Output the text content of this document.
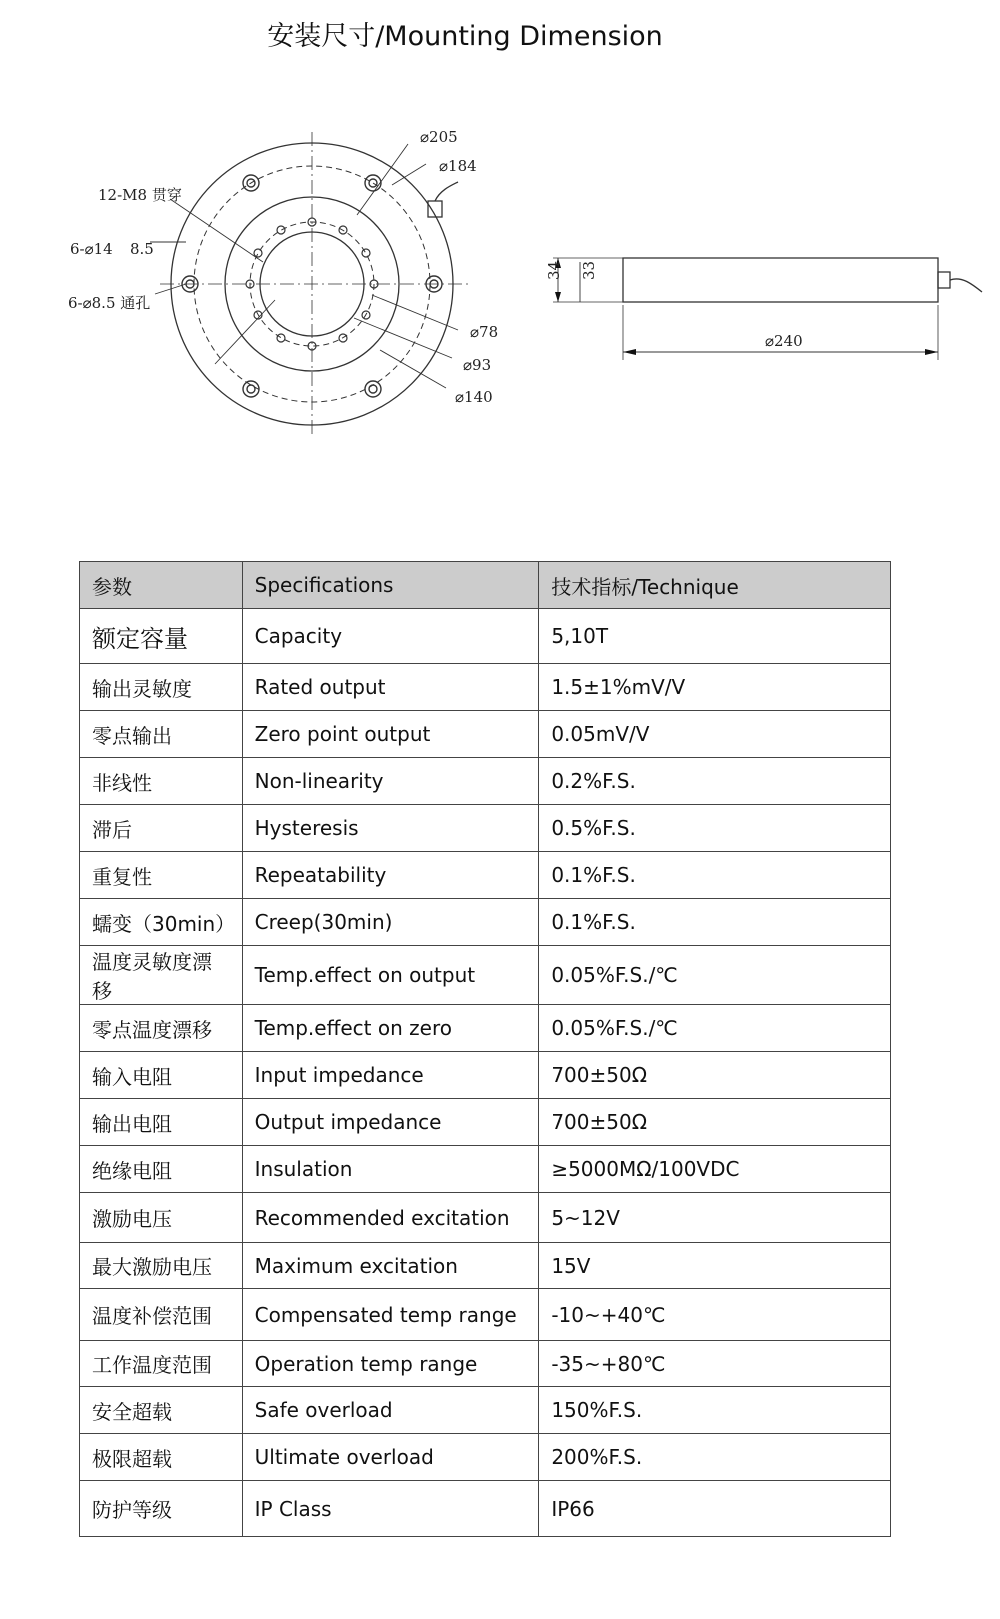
安装尺寸/Mounting Dimension
12-M8 贯穿
6-⌀14 8.5
6-⌀8.5 通孔
⌀205
⌀184
⌀78
⌀93
⌀140
34 33
⌀240
参数	Specifications	技术指标/Technique
额定容量	Capacity	5,10T
输出灵敏度	Rated output	1.5±1%mV/V
零点输出	Zero point output	0.05mV/V
非线性	Non-linearity	0.2%F.S.
滞后	Hysteresis	0.5%F.S.
重复性	Repeatability	0.1%F.S.
蠕变（30min）	Creep(30min)	0.1%F.S.
温度灵敏度漂移	Temp.effect on output	0.05%F.S./℃
零点温度漂移	Temp.effect on zero	0.05%F.S./℃
输入电阻	Input impedance	700±50Ω
输出电阻	Output impedance	700±50Ω
绝缘电阻	Insulation	≥5000MΩ/100VDC
激励电压	Recommended excitation	5~12V
最大激励电压	Maximum excitation	15V
温度补偿范围	Compensated temp range	-10~+40℃
工作温度范围	Operation temp range	-35~+80℃
安全超载	Safe overload	150%F.S.
极限超载	Ultimate overload	200%F.S.
防护等级	IP Class	IP66
